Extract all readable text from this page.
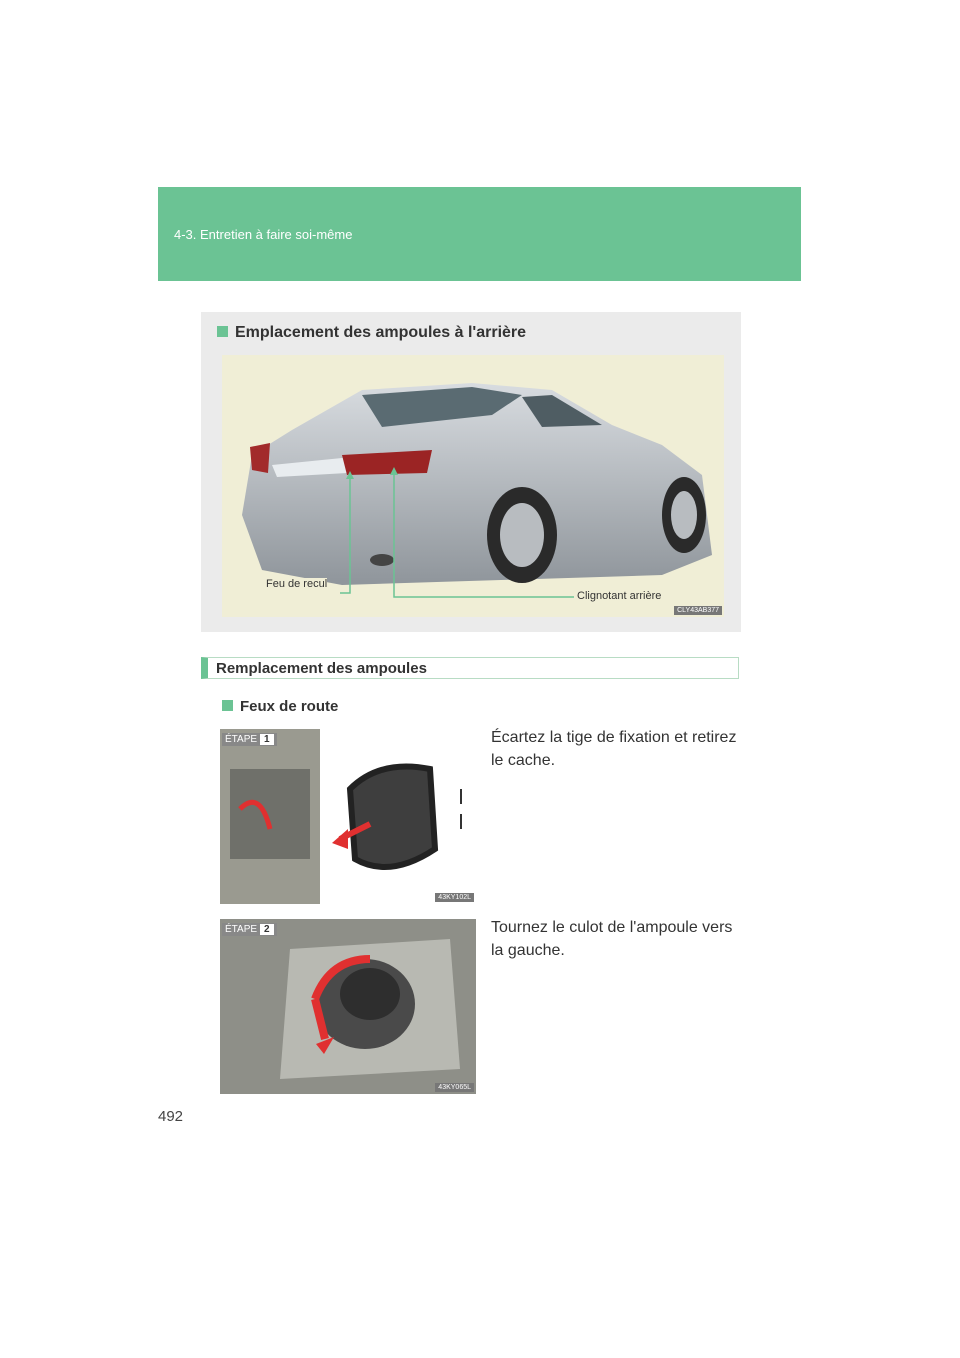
4-3. Entretien à faire soi-même
Emplacement des ampoules à l'arrière
Feu de recul
Clignotant arrière
CLY43AB377
Remplacement des ampoules
Feux de route
ÉTAPE 1
43KY102L
Écartez la tige de fixation et retirez le cache.
ÉTAPE 2
43KY065L
Tournez le culot de l'ampoule vers la gauche.
492
